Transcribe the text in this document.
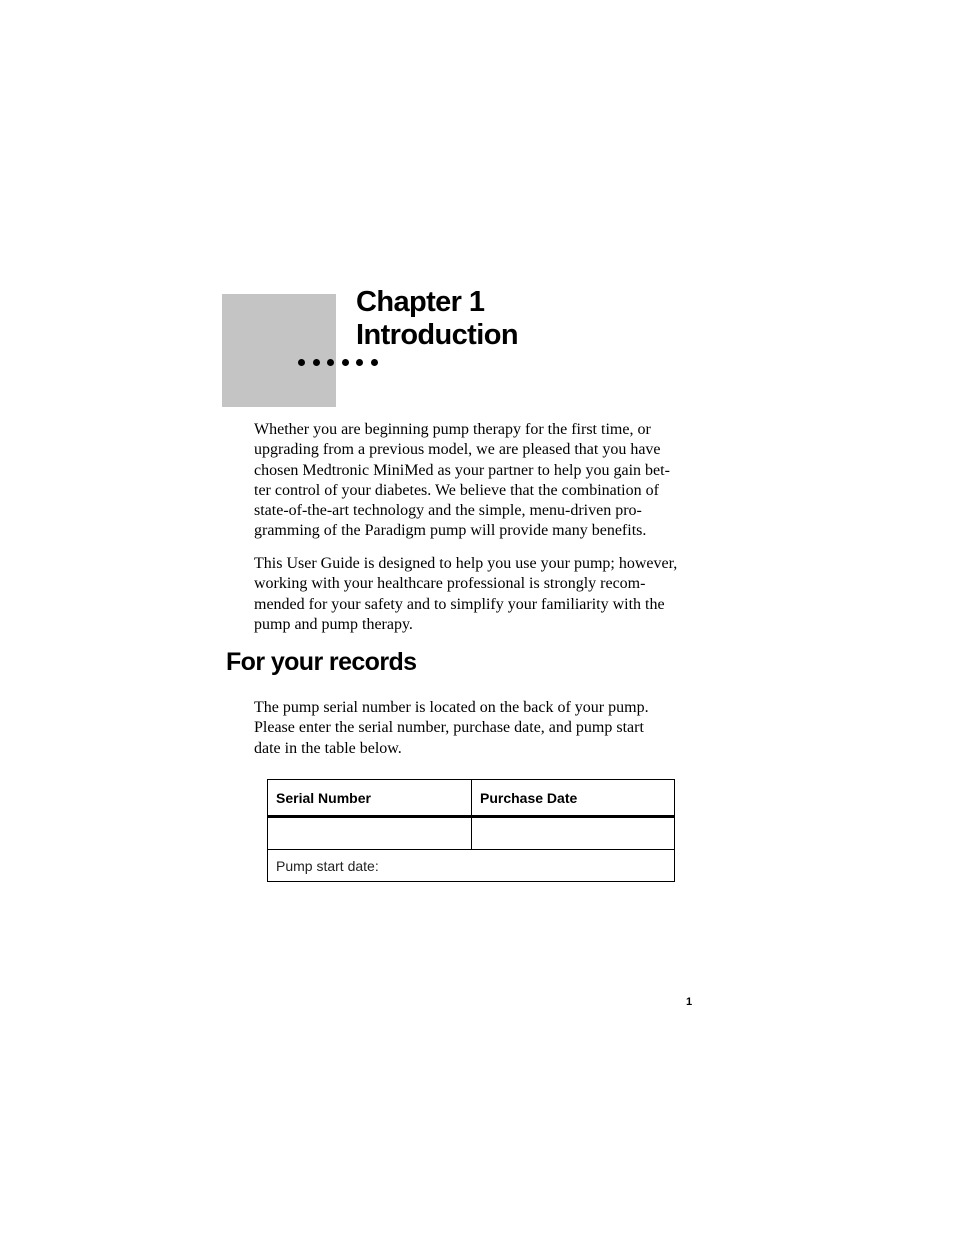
Chapter 1
Introduction

Whether you are beginning pump therapy for the first time, or
upgrading from a previous model, we are pleased that you have
chosen Medtronic MiniMed as your partner to help you gain bet-
ter control of your diabetes. We believe that the combination of
state-of-the-art technology and the simple, menu-driven pro-
gramming of the Paradigm pump will provide many benefits.

This User Guide is designed to help you use your pump; however,
working with your healthcare professional is strongly recom-
mended for your safety and to simplify your familiarity with the
pump and pump therapy.

For your records

The pump serial number is located on the back of your pump.
Please enter the serial number, purchase date, and pump start
date in the table below.

Serial Number	Purchase Date

Pump start date:	
1
